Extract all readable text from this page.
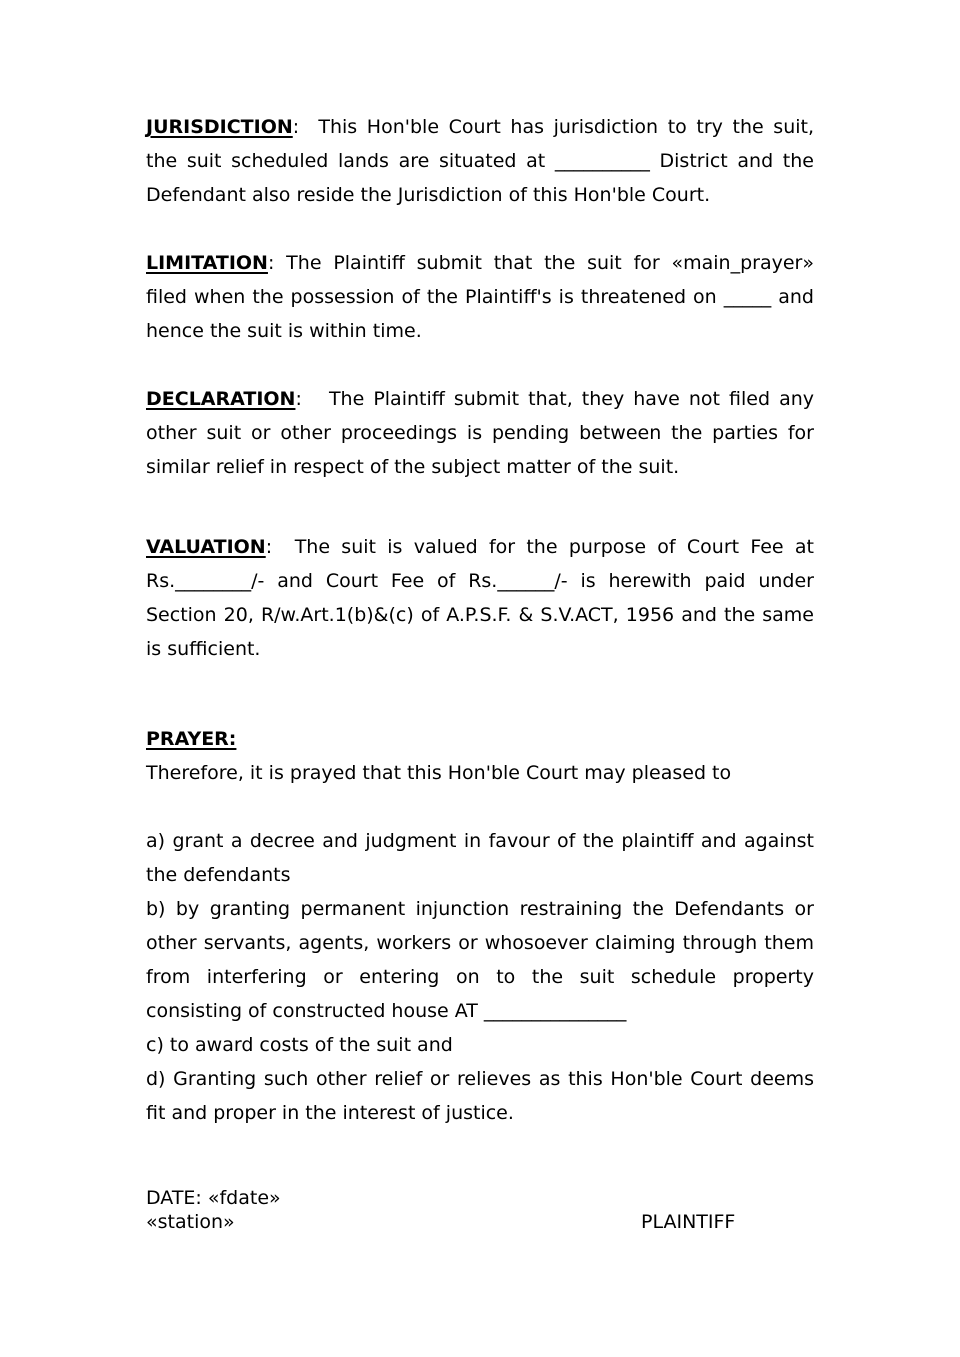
JURISDICTION:  This Hon'ble Court has jurisdiction to try the suit, the suit scheduled lands are situated at __________ District and the Defendant also reside the Jurisdiction of this Hon'ble Court.

LIMITATION: The Plaintiff submit that the suit for «main_prayer» filed when the possession of the Plaintiff's is threatened on _____ and hence the suit is within time.

DECLARATION:   The Plaintiff submit that, they have not filed any other suit or other proceedings is pending between the parties for similar relief in respect of the subject matter of the suit.

VALUATION:  The suit is valued for the purpose of Court Fee at Rs.________/- and Court Fee of Rs.______/- is herewith paid under Section 20, R/w.Art.1(b)&(c) of A.P.S.F. & S.V.ACT, 1956 and the same is sufficient.

PRAYER:

Therefore, it is prayed that this Hon'ble Court may pleased to

a) grant a decree and judgment in favour of the plaintiff and against the defendants

b) by granting permanent injunction restraining the Defendants or other servants, agents, workers or whosoever claiming through them from interfering or entering on to the suit schedule property consisting of constructed house AT _______________

c) to award costs of the suit and

d) Granting such other relief or relieves as this Hon'ble Court deems fit and proper in the interest of justice.

DATE: «fdate»
«station»	PLAINTIFF
